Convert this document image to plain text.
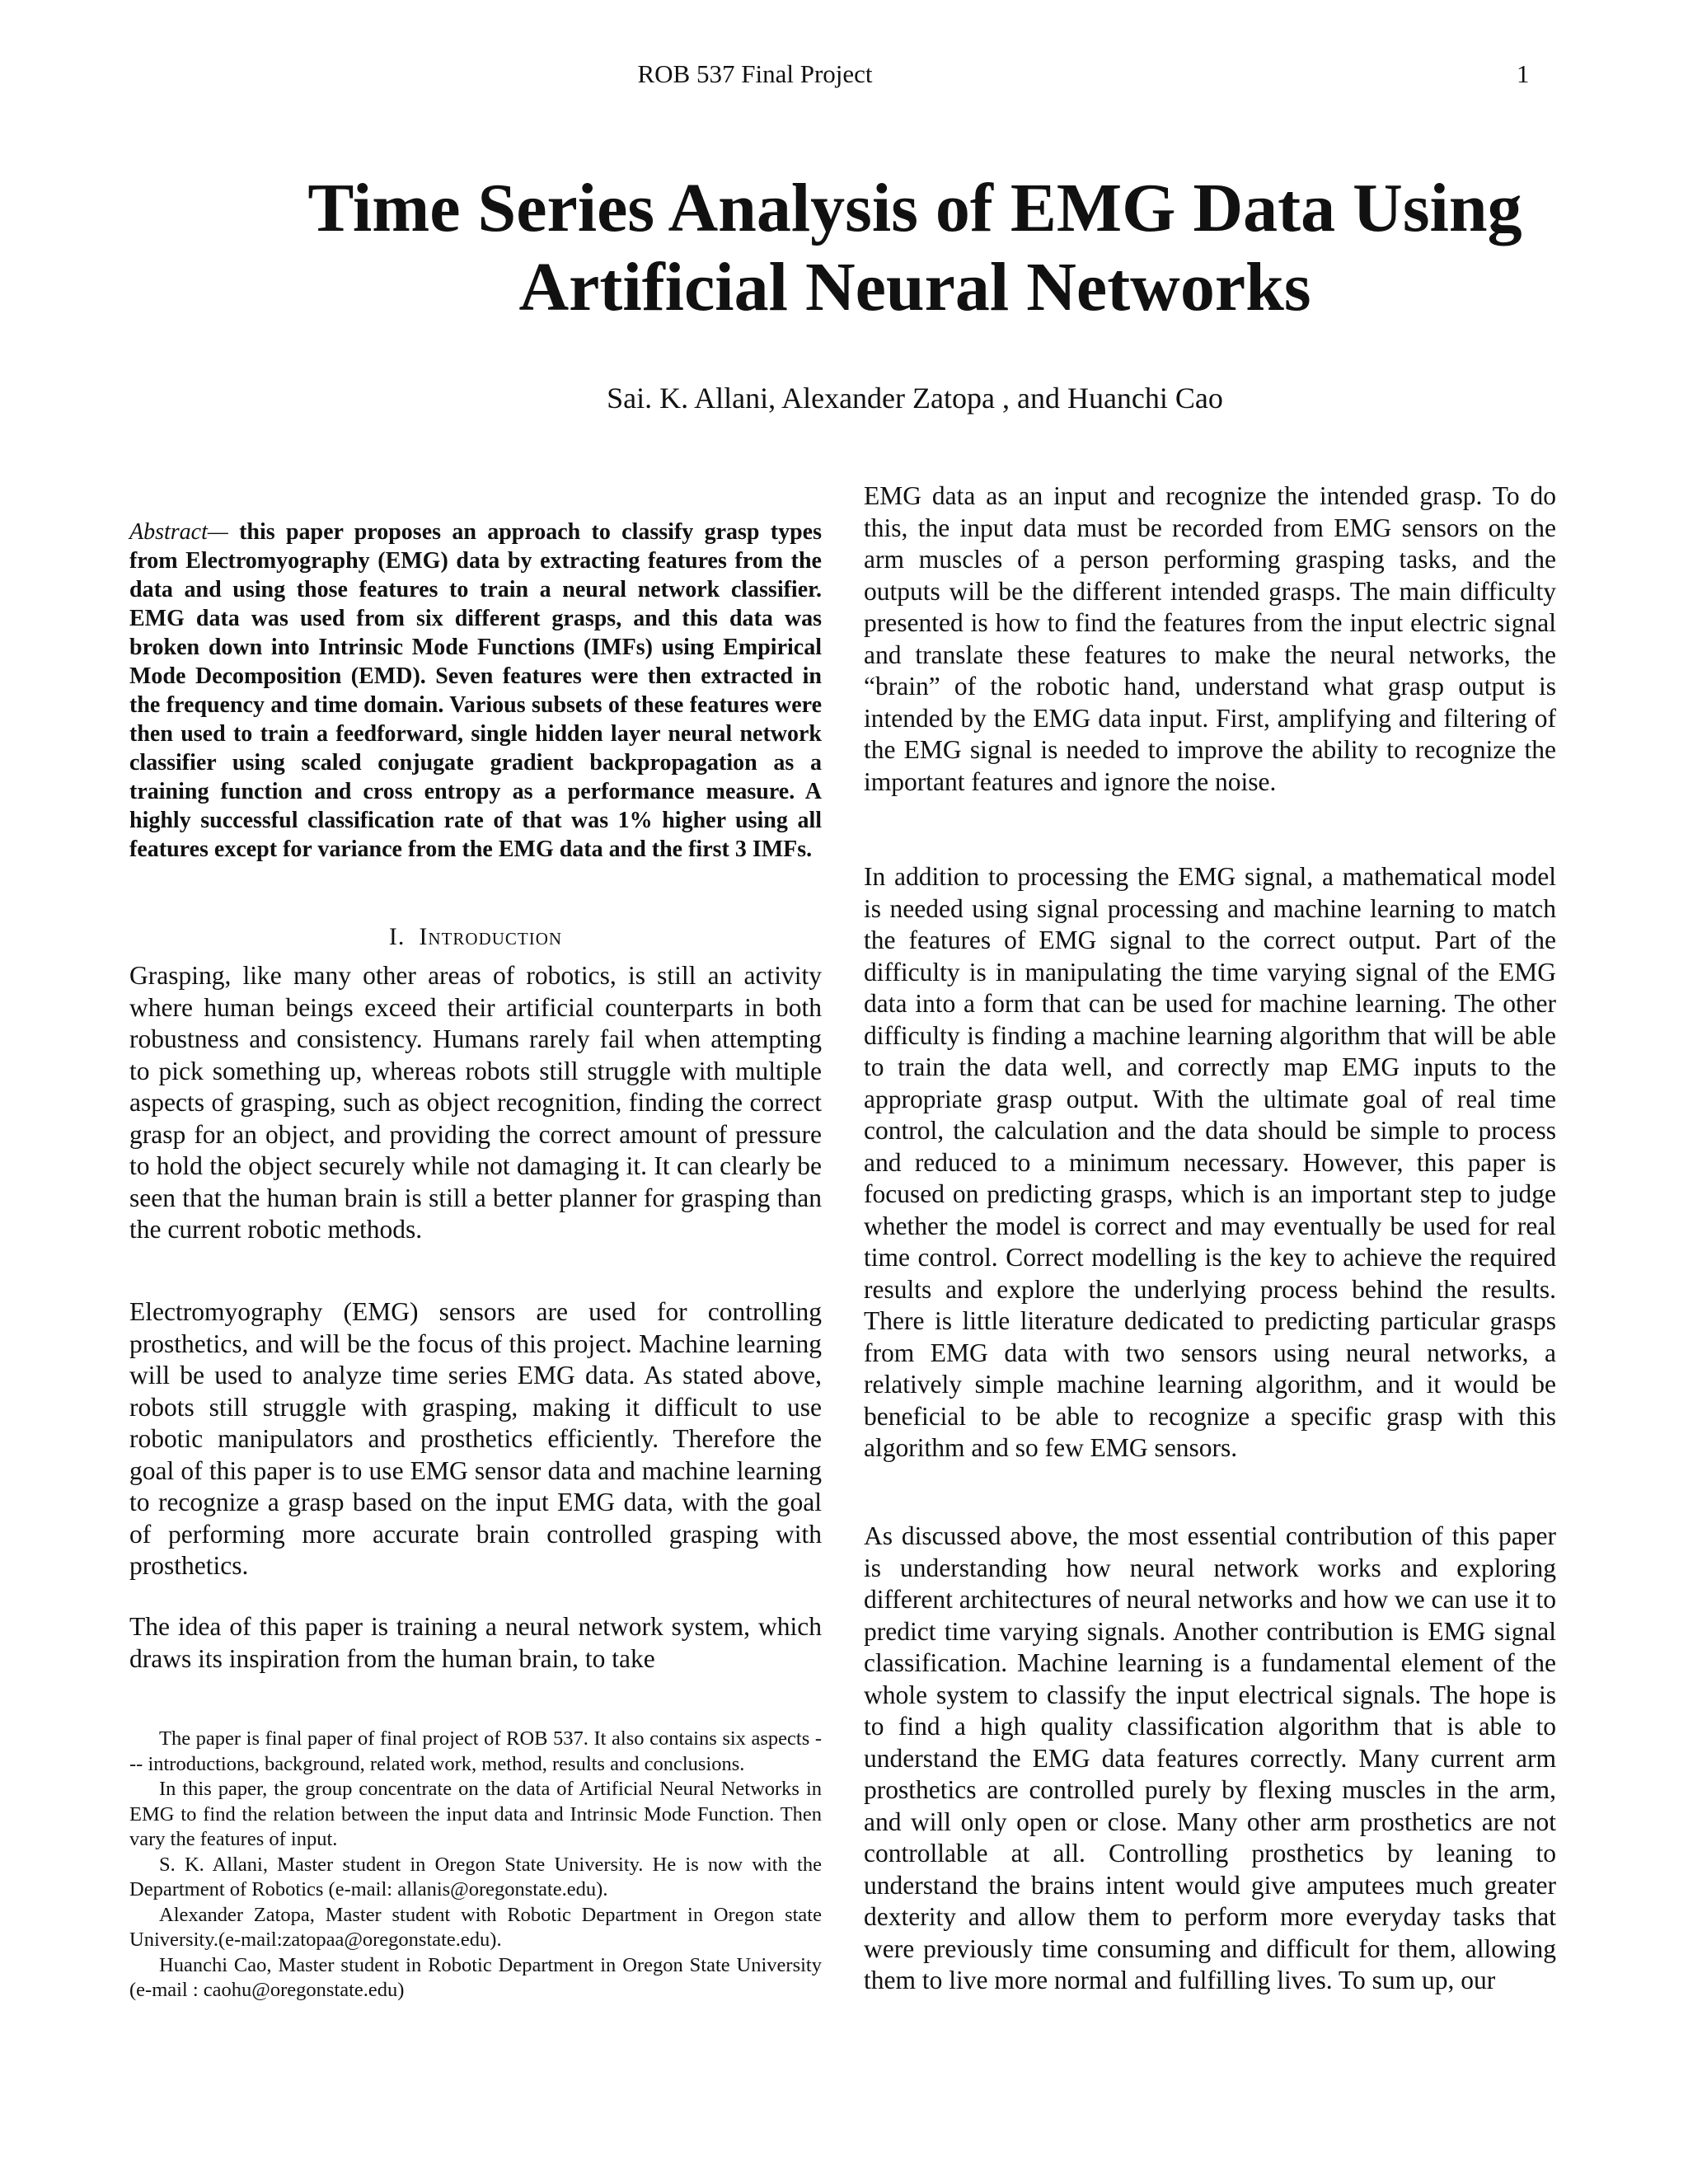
ROB 537 Final Project	1
Time Series Analysis of EMG Data Using
Artificial Neural Networks
Sai. K. Allani, Alexander Zatopa , and Huanchi Cao
Abstract— this paper proposes an approach to classify grasp types from Electromyography (EMG) data by extracting features from the data and using those features to train a neural network classifier. EMG data was used from six different grasps, and this data was broken down into Intrinsic Mode Functions (IMFs) using Empirical Mode Decomposition (EMD). Seven features were then extracted in the frequency and time domain. Various subsets of these features were then used to train a feedforward, single hidden layer neural network classifier using scaled conjugate gradient backpropagation as a training function and cross entropy as a performance measure. A highly successful classification rate of that was 1% higher using all features except for variance from the EMG data and the first 3 IMFs.
I. Introduction

Grasping, like many other areas of robotics, is still an activity where human beings exceed their artificial counterparts in both robustness and consistency. Humans rarely fail when attempting to pick something up, whereas robots still struggle with multiple aspects of grasping, such as object recognition, finding the correct grasp for an object, and providing the correct amount of pressure to hold the object securely while not damaging it. It can clearly be seen that the human brain is still a better planner for grasping than the current robotic methods.

Electromyography (EMG) sensors are used for controlling prosthetics, and will be the focus of this project. Machine learning will be used to analyze time series EMG data. As stated above, robots still struggle with grasping, making it difficult to use robotic manipulators and prosthetics efficiently. Therefore the goal of this paper is to use EMG sensor data and machine learning to recognize a grasp based on the input EMG data, with the goal of performing more accurate brain controlled grasping with prosthetics.

The idea of this paper is training a neural network system, which draws its inspiration from the human brain, to take

The paper is final paper of final project of ROB 537. It also contains six aspects --- introductions, background, related work, method, results and conclusions.

In this paper, the group concentrate on the data of Artificial Neural Networks in EMG to find the relation between the input data and Intrinsic Mode Function. Then vary the features of input.

S. K. Allani, Master student in Oregon State University. He is now with the Department of Robotics (e-mail: allanis@oregonstate.edu).

Alexander Zatopa, Master student with Robotic Department in Oregon state University.(e-mail:zatopaa@oregonstate.edu).

Huanchi Cao, Master student in Robotic Department in Oregon State University (e-mail : caohu@oregonstate.edu)

EMG data as an input and recognize the intended grasp. To do this, the input data must be recorded from EMG sensors on the arm muscles of a person performing grasping tasks, and the outputs will be the different intended grasps. The main difficulty presented is how to find the features from the input electric signal and translate these features to make the neural networks, the “brain” of the robotic hand, understand what grasp output is intended by the EMG data input. First, amplifying and filtering of the EMG signal is needed to improve the ability to recognize the important features and ignore the noise.

In addition to processing the EMG signal, a mathematical model is needed using signal processing and machine learning to match the features of EMG signal to the correct output. Part of the difficulty is in manipulating the time varying signal of the EMG data into a form that can be used for machine learning. The other difficulty is finding a machine learning algorithm that will be able to train the data well, and correctly map EMG inputs to the appropriate grasp output. With the ultimate goal of real time control, the calculation and the data should be simple to process and reduced to a minimum necessary. However, this paper is focused on predicting grasps, which is an important step to judge whether the model is correct and may eventually be used for real time control. Correct modelling is the key to achieve the required results and explore the underlying process behind the results. There is little literature dedicated to predicting particular grasps from EMG data with two sensors using neural networks, a relatively simple machine learning algorithm, and it would be beneficial to be able to recognize a specific grasp with this algorithm and so few EMG sensors.

As discussed above, the most essential contribution of this paper is understanding how neural network works and exploring different architectures of neural networks and how we can use it to predict time varying signals. Another contribution is EMG signal classification. Machine learning is a fundamental element of the whole system to classify the input electrical signals. The hope is to find a high quality classification algorithm that is able to understand the EMG data features correctly. Many current arm prosthetics are controlled purely by flexing muscles in the arm, and will only open or close. Many other arm prosthetics are not controllable at all. Controlling prosthetics by leaning to understand the brains intent would give amputees much greater dexterity and allow them to perform more everyday tasks that were previously time consuming and difficult for them, allowing them to live more normal and fulfilling lives. To sum up, our
